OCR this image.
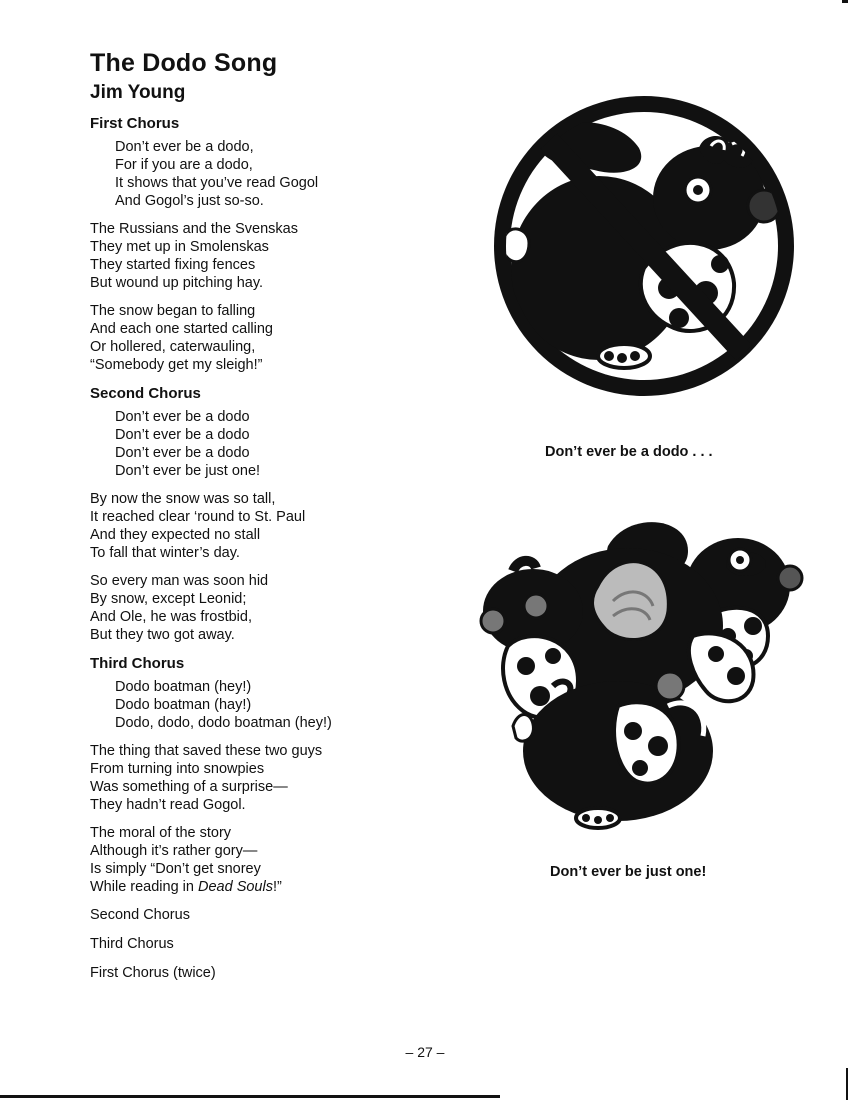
The Dodo Song
Jim Young
First Chorus
Don’t ever be a dodo,
For if you are a dodo,
It shows that you’ve read Gogol
And Gogol’s just so-so.
The Russians and the Svenskas
They met up in Smolenskas
They started fixing fences
But wound up pitching hay.
The snow began to falling
And each one started calling
Or hollered, caterwauling,
“Somebody get my sleigh!”
Second Chorus
Don’t ever be a dodo
Don’t ever be a dodo
Don’t ever be a dodo
Don’t ever be just one!
By now the snow was so tall,
It reached clear ‘round to St. Paul
And they expected no stall
To fall that winter’s day.
So every man was soon hid
By snow, except Leonid;
And Ole, he was frostbid,
But they two got away.
Third Chorus
Dodo boatman (hey!)
Dodo boatman (hay!)
Dodo, dodo, dodo boatman (hey!)
The thing that saved these two guys
From turning into snowpies
Was something of a surprise—
They hadn’t read Gogol.
The moral of the story
Although it’s rather gory—
Is simply “Don’t get snorey
While reading in Dead Souls!”
Second Chorus
Third Chorus
First Chorus (twice)
Don’t ever be a dodo . . .
Don’t ever be just one!
– 27 –
